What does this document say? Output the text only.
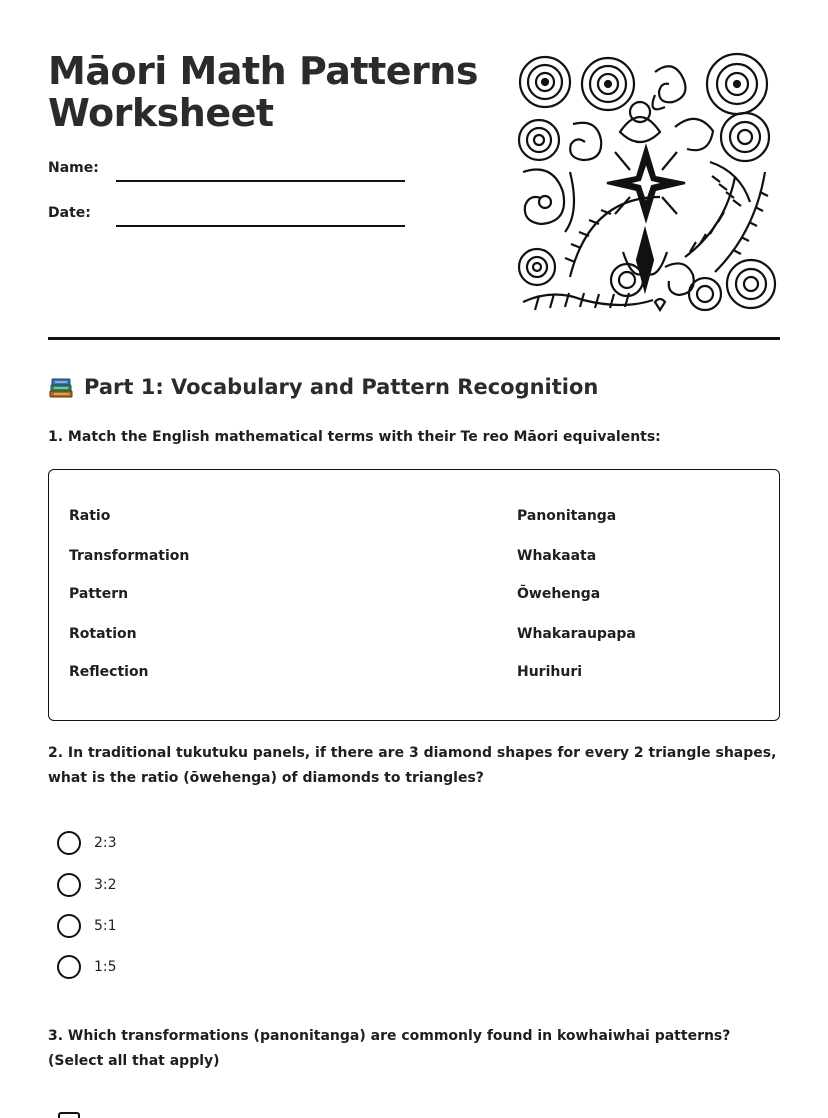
Māori Math Patterns Worksheet
Name:
Date:
Part 1: Vocabulary and Pattern Recognition
1. Match the English mathematical terms with their Te reo Māori equivalents:
Ratio
Transformation
Pattern
Rotation
Reflection
Panonitanga
Whakaata
Ōwehenga
Whakaraupapa
Hurihuri
2. In traditional tukutuku panels, if there are 3 diamond shapes for every 2 triangle shapes, what is the ratio (ōwehenga) of diamonds to triangles?
2:3
3:2
5:1
1:5
3. Which transformations (panonitanga) are commonly found in kowhaiwhai patterns? (Select all that apply)
